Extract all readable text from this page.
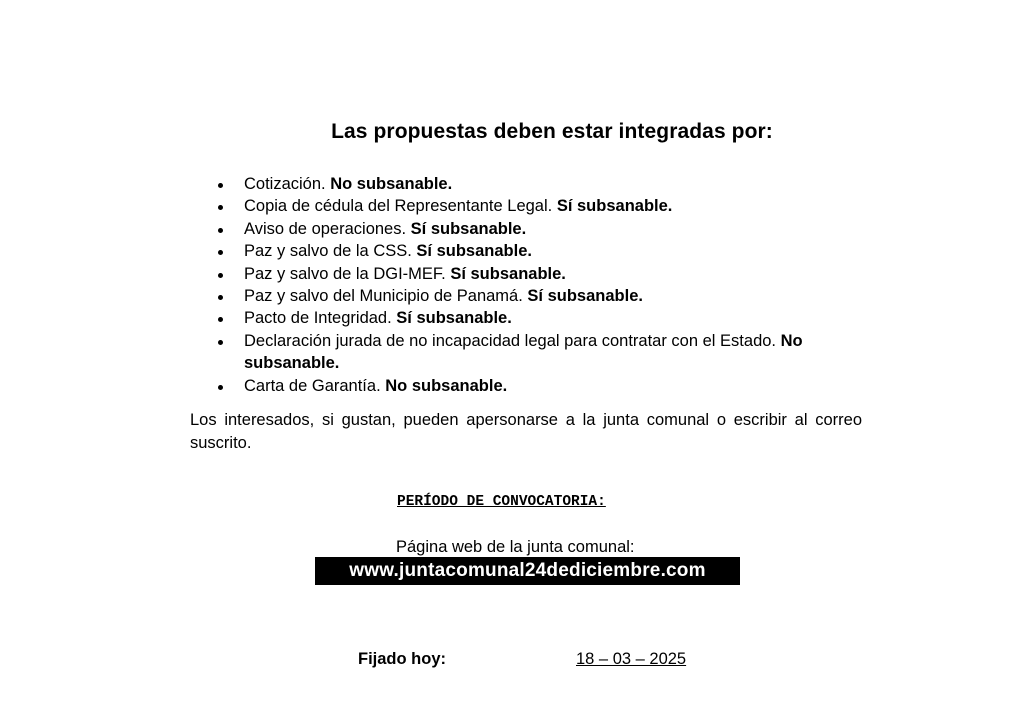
Las propuestas deben estar integradas por:
Cotización. No subsanable.
Copia de cédula del Representante Legal. Sí subsanable.
Aviso de operaciones. Sí subsanable.
Paz y salvo de la CSS. Sí subsanable.
Paz y salvo de la DGI-MEF. Sí subsanable.
Paz y salvo del Municipio de Panamá. Sí subsanable.
Pacto de Integridad. Sí subsanable.
Declaración jurada de no incapacidad legal para contratar con el Estado. No subsanable.
Carta de Garantía. No subsanable.

Los interesados, si gustan, pueden apersonarse a la junta comunal o escribir al correo suscrito.

PERÍODO DE CONVOCATORIA:
Página web de la junta comunal:
www.juntacomunal24dediciembre.com
Fijado hoy:	18 – 03 – 2025
